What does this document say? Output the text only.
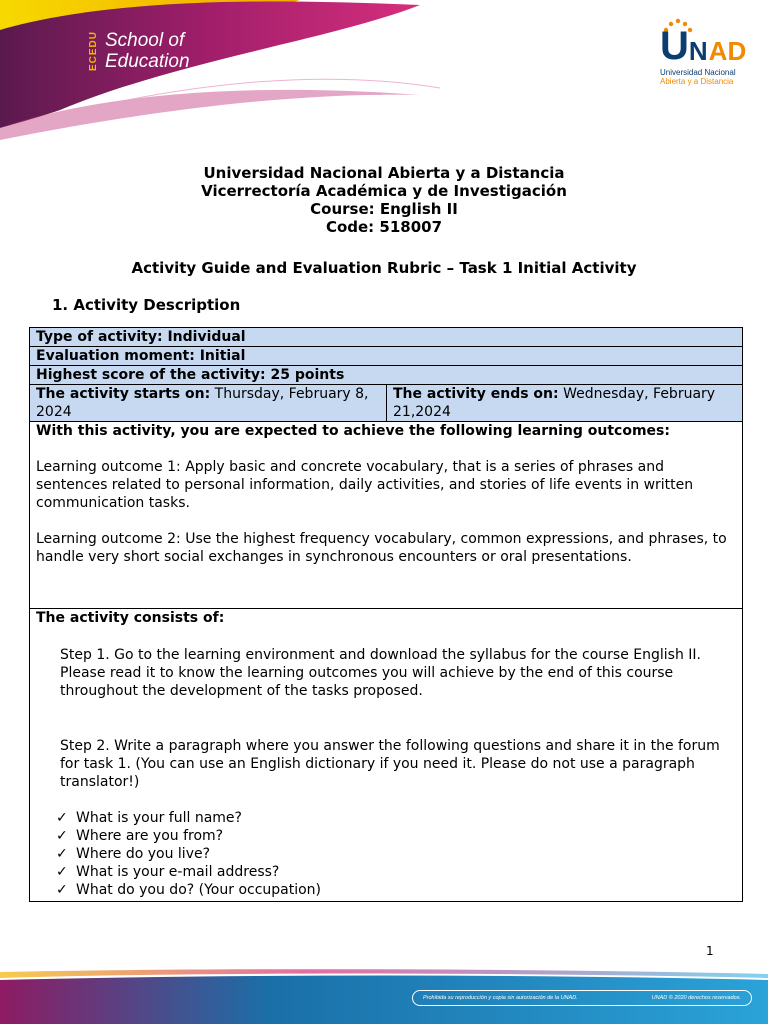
ECEDU School of
Education	U N AD
Universidad Nacional
Abierta y a Distancia
Universidad Nacional Abierta y a Distancia
Vicerrectoría Académica y de Investigación
Course: English II
Code: 518007
Activity Guide and Evaluation Rubric – Task 1 Initial Activity
1. Activity Description
Type of activity: Individual
Evaluation moment: Initial
Highest score of the activity: 25 points
The activity starts on: Thursday, February 8, 2024	The activity ends on: Wednesday, February 21,2024

With this activity, you are expected to achieve the following learning outcomes:

Learning outcome 1: Apply basic and concrete vocabulary, that is a series of phrases and sentences related to personal information, daily activities, and stories of life events in written communication tasks.

Learning outcome 2: Use the highest frequency vocabulary, common expressions, and phrases, to handle very short social exchanges in synchronous encounters or oral presentations.

The activity consists of:

Step 1. Go to the learning environment and download the syllabus for the course English II. Please read it to know the learning outcomes you will achieve by the end of this course throughout the development of the tasks proposed.

Step 2. Write a paragraph where you answer the following questions and share it in the forum for task 1. (You can use an English dictionary if you need it. Please do not use a paragraph translator!)

✓ What is your full name?
✓ Where are you from?
✓ Where do you live?
✓ What is your e-mail address?
✓ What do you do? (Your occupation)
1
Prohibida su reproducción y copia sin autorización de la UNAD.	UNAD © 2020 derechos reservados.
